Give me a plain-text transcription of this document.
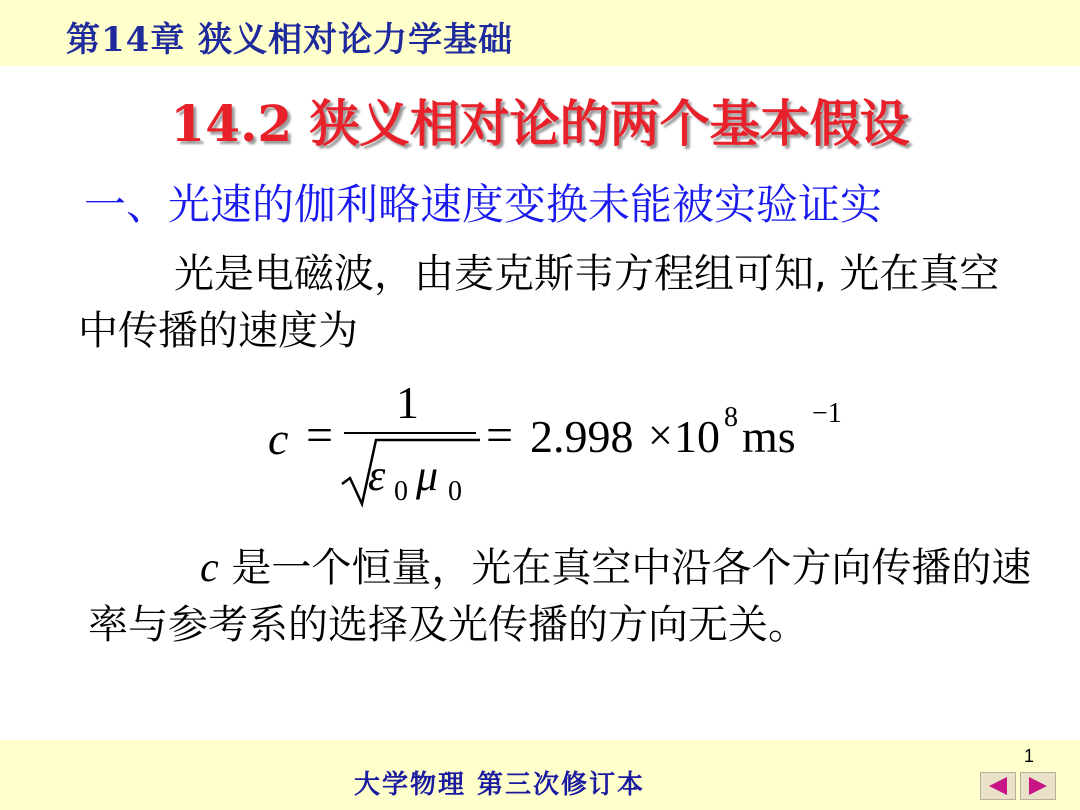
第14章 狭义相对论力学基础
14.2 狭义相对论的两个基本假设
一、光速的伽利略速度变换未能被实验证实
光是电磁波，由麦克斯韦方程组可知, 光在真空中传播的速度为
c =
1
ε 0 μ 0
= 2.998 × 10 8 ms −1
c 是一个恒量，光在真空中沿各个方向传播的速率与参考系的选择及光传播的方向无关。
大学物理 第三次修订本
1
